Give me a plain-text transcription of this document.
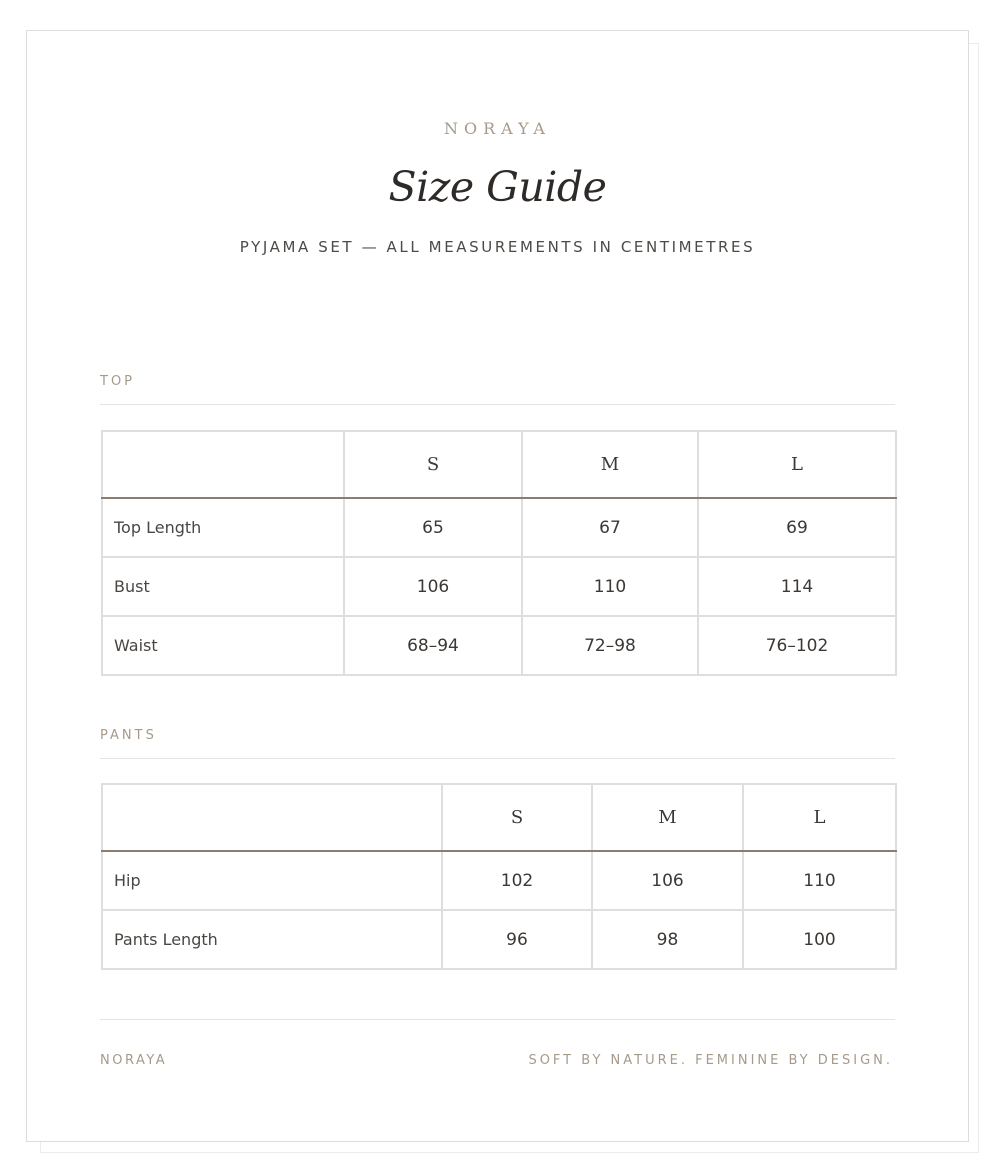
NORAYA
Size Guide
PYJAMA SET — ALL MEASUREMENTS IN CENTIMETRES
TOP
	S	M	L
Top Length	65	67	69
Bust	106	110	114
Waist	68–94	72–98	76–102
PANTS
	S	M	L
Hip	102	106	110
Pants Length	96	98	100
NORAYA	SOFT BY NATURE. FEMININE BY DESIGN.
